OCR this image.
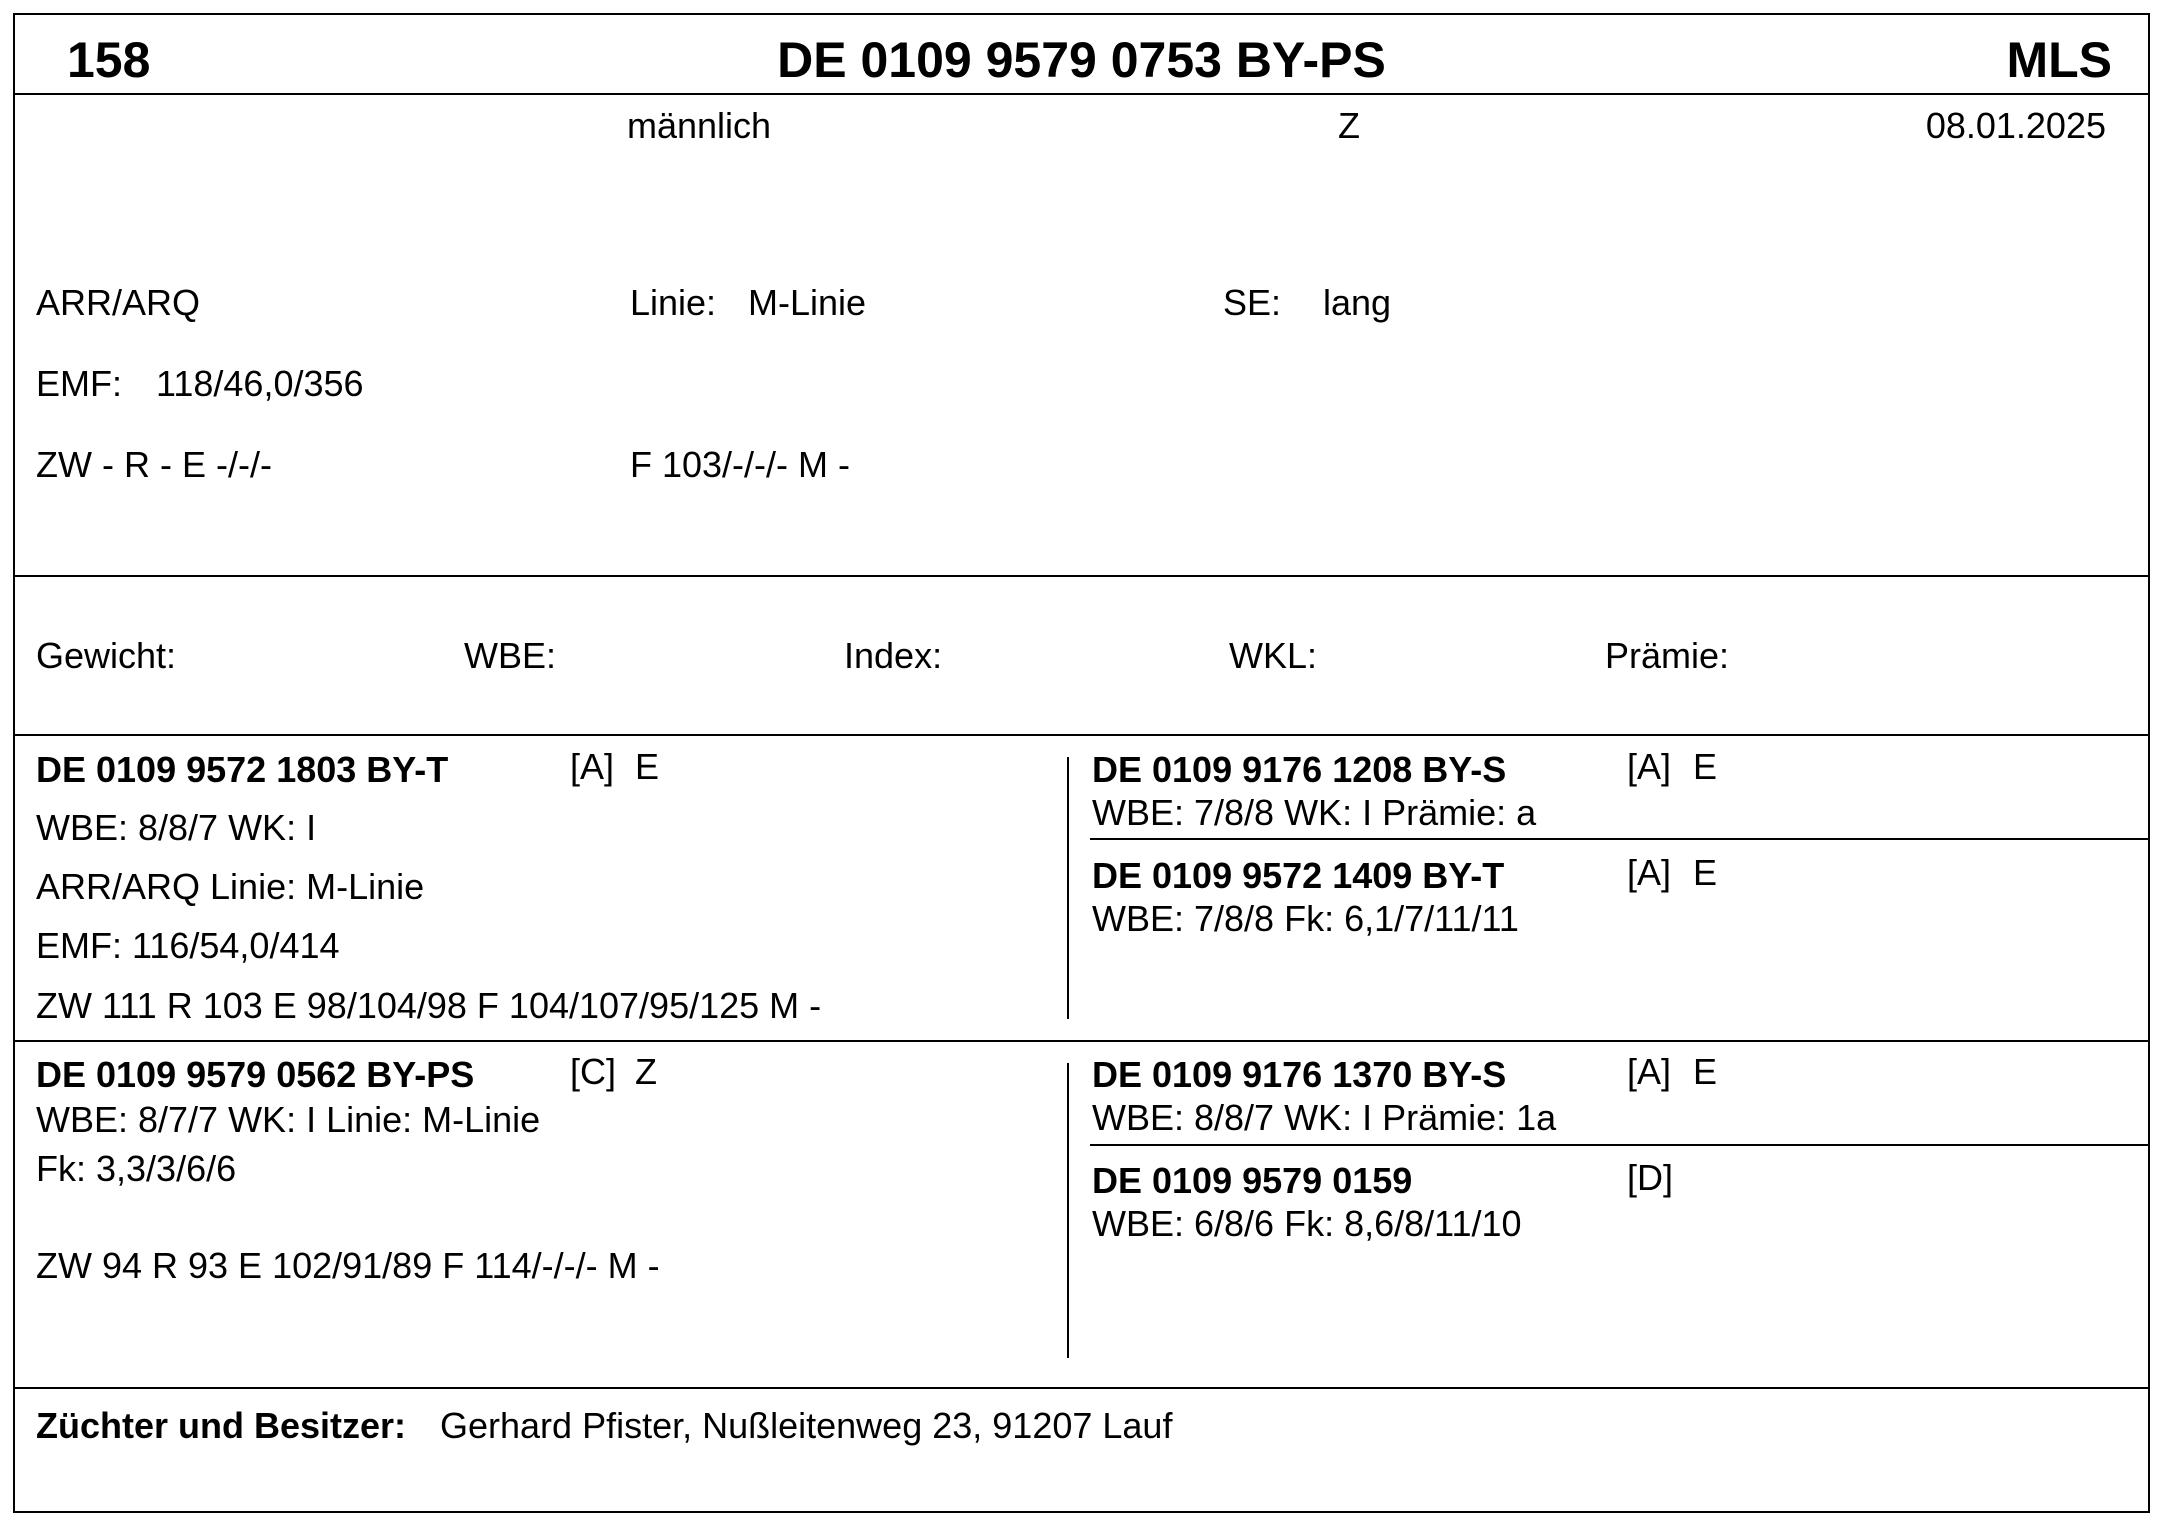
158	DE 0109 9579 0753 BY-PS	MLS
männlich	Z	08.01.2025
ARR/ARQ	Linie: M-Linie	SE: lang
EMF: 118/46,0/356
ZW - R - E -/-/-	F 103/-/-/- M -
Gewicht:	WBE:	Index:	WKL:	Prämie:
DE 0109 9572 1803 BY-T	[A] E
WBE: 8/8/7 WK: I
ARR/ARQ Linie: M-Linie
EMF: 116/54,0/414
ZW 111 R 103 E 98/104/98 F 104/107/95/125 M -
DE 0109 9176 1208 BY-S	[A] E
WBE: 7/8/8 WK: I Prämie: a
DE 0109 9572 1409 BY-T	[A] E
WBE: 7/8/8 Fk: 6,1/7/11/11
DE 0109 9579 0562 BY-PS	[C] Z
WBE: 8/7/7 WK: I Linie: M-Linie
Fk: 3,3/3/6/6
ZW 94 R 93 E 102/91/89 F 114/-/-/- M -
DE 0109 9176 1370 BY-S	[A] E
WBE: 8/8/7 WK: I Prämie: 1a
DE 0109 9579 0159	[D]
WBE: 6/8/6 Fk: 8,6/8/11/10
Züchter und Besitzer: Gerhard Pfister, Nußleitenweg 23, 91207 Lauf
